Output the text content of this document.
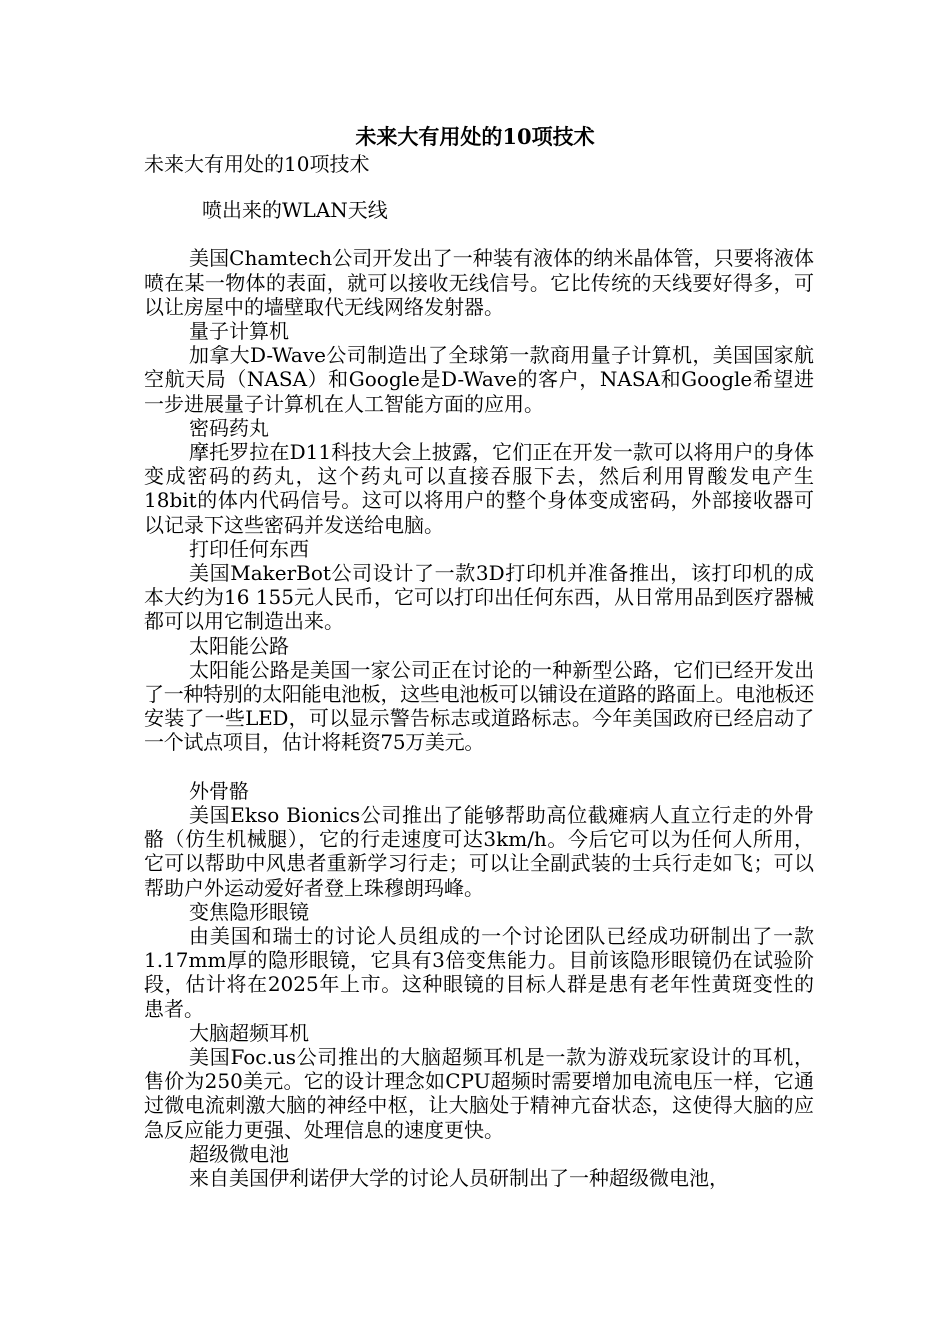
未来大有用处的10项技术

未来大有用处的10项技术

喷出来的WLAN天线

美国Chamtech公司开发出了一种装有液体的纳米晶体管，只要将液体喷在某一物体的表面，就可以接收无线信号。它比传统的天线要好得多，可以让房屋中的墙壁取代无线网络发射器。

量子计算机

加拿大D-Wave公司制造出了全球第一款商用量子计算机，美国国家航空航天局（NASA）和Google是D-Wave的客户，NASA和Google希望进一步进展量子计算机在人工智能方面的应用。

密码药丸

摩托罗拉在D11科技大会上披露，它们正在开发一款可以将用户的身体变成密码的药丸，这个药丸可以直接吞服下去，然后利用胃酸发电产生18bit的体内代码信号。这可以将用户的整个身体变成密码，外部接收器可以记录下这些密码并发送给电脑。

打印任何东西

美国MakerBot公司设计了一款3D打印机并准备推出，该打印机的成本大约为16 155元人民币，它可以打印出任何东西，从日常用品到医疗器械都可以用它制造出来。

太阳能公路

太阳能公路是美国一家公司正在讨论的一种新型公路，它们已经开发出了一种特别的太阳能电池板，这些电池板可以铺设在道路的路面上。电池板还安装了一些LED，可以显示警告标志或道路标志。今年美国政府已经启动了一个试点项目，估计将耗资75万美元。

外骨骼

美国Ekso Bionics公司推出了能够帮助高位截瘫病人直立行走的外骨骼（仿生机械腿），它的行走速度可达3km/h。今后它可以为任何人所用，它可以帮助中风患者重新学习行走；可以让全副武装的士兵行走如飞；可以帮助户外运动爱好者登上珠穆朗玛峰。

变焦隐形眼镜

由美国和瑞士的讨论人员组成的一个讨论团队已经成功研制出了一款1.17mm厚的隐形眼镜，它具有3倍变焦能力。目前该隐形眼镜仍在试验阶段，估计将在2025年上市。这种眼镜的目标人群是患有老年性黄斑变性的患者。

大脑超频耳机

美国Foc.us公司推出的大脑超频耳机是一款为游戏玩家设计的耳机，售价为250美元。它的设计理念如CPU超频时需要增加电流电压一样，它通过微电流刺激大脑的神经中枢，让大脑处于精神亢奋状态，这使得大脑的应急反应能力更强、处理信息的速度更快。

超级微电池

来自美国伊利诺伊大学的讨论人员研制出了一种超级微电池，
